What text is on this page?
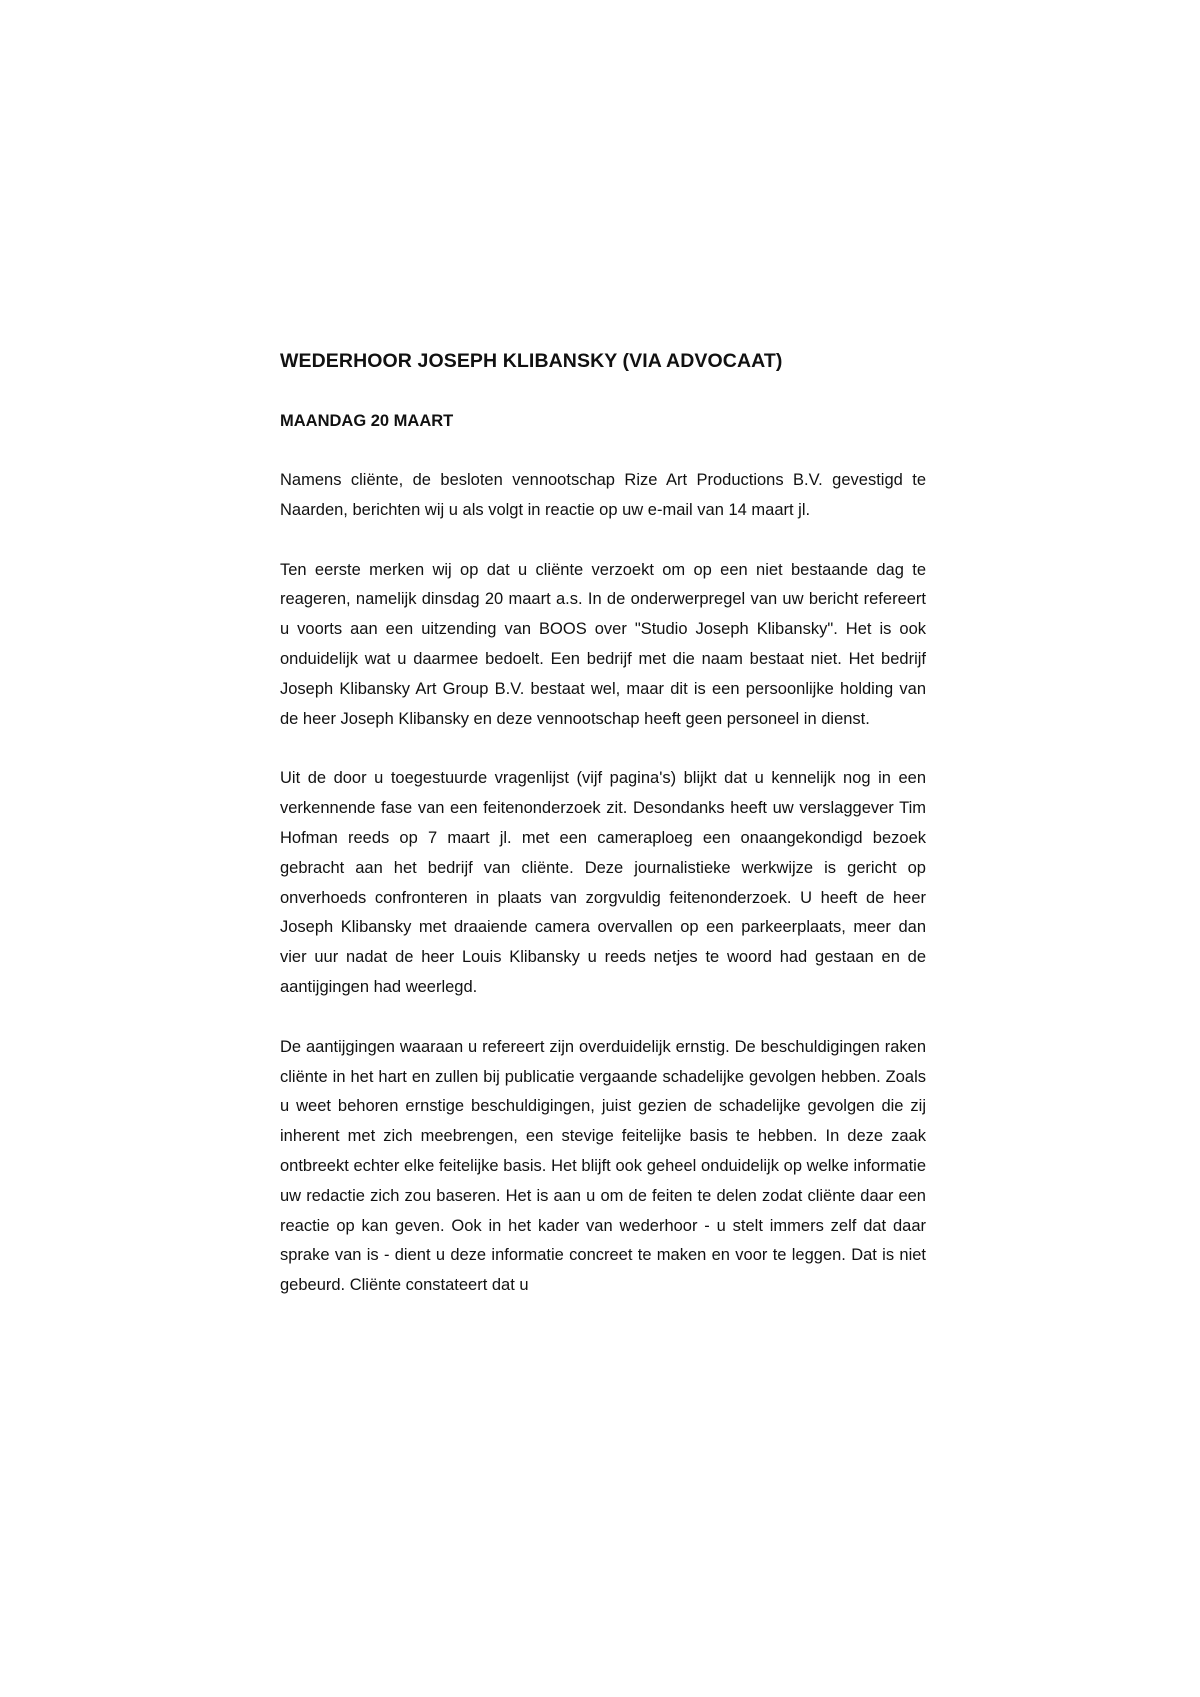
WEDERHOOR JOSEPH KLIBANSKY (VIA ADVOCAAT)
MAANDAG 20 MAART

Namens cliënte, de besloten vennootschap Rize Art Productions B.V. gevestigd te Naarden, berichten wij u als volgt in reactie op uw e-mail van 14 maart jl.

Ten eerste merken wij op dat u cliënte verzoekt om op een niet bestaande dag te reageren, namelijk dinsdag 20 maart a.s. In de onderwerpregel van uw bericht refereert u voorts aan een uitzending van BOOS over "Studio Joseph Klibansky". Het is ook onduidelijk wat u daarmee bedoelt. Een bedrijf met die naam bestaat niet. Het bedrijf Joseph Klibansky Art Group B.V. bestaat wel, maar dit is een persoonlijke holding van de heer Joseph Klibansky en deze vennootschap heeft geen personeel in dienst.

Uit de door u toegestuurde vragenlijst (vijf pagina's) blijkt dat u kennelijk nog in een verkennende fase van een feitenonderzoek zit. Desondanks heeft uw verslaggever Tim Hofman reeds op 7 maart jl. met een cameraploeg een onaangekondigd bezoek gebracht aan het bedrijf van cliënte. Deze journalistieke werkwijze is gericht op onverhoeds confronteren in plaats van zorgvuldig feitenonderzoek. U heeft de heer Joseph Klibansky met draaiende camera overvallen op een parkeerplaats, meer dan vier uur nadat de heer Louis Klibansky u reeds netjes te woord had gestaan en de aantijgingen had weerlegd.

De aantijgingen waaraan u refereert zijn overduidelijk ernstig. De beschuldigingen raken cliënte in het hart en zullen bij publicatie vergaande schadelijke gevolgen hebben. Zoals u weet behoren ernstige beschuldigingen, juist gezien de schadelijke gevolgen die zij inherent met zich meebrengen, een stevige feitelijke basis te hebben. In deze zaak ontbreekt echter elke feitelijke basis. Het blijft ook geheel onduidelijk op welke informatie uw redactie zich zou baseren. Het is aan u om de feiten te delen zodat cliënte daar een reactie op kan geven. Ook in het kader van wederhoor - u stelt immers zelf dat daar sprake van is - dient u deze informatie concreet te maken en voor te leggen. Dat is niet gebeurd. Cliënte constateert dat u
